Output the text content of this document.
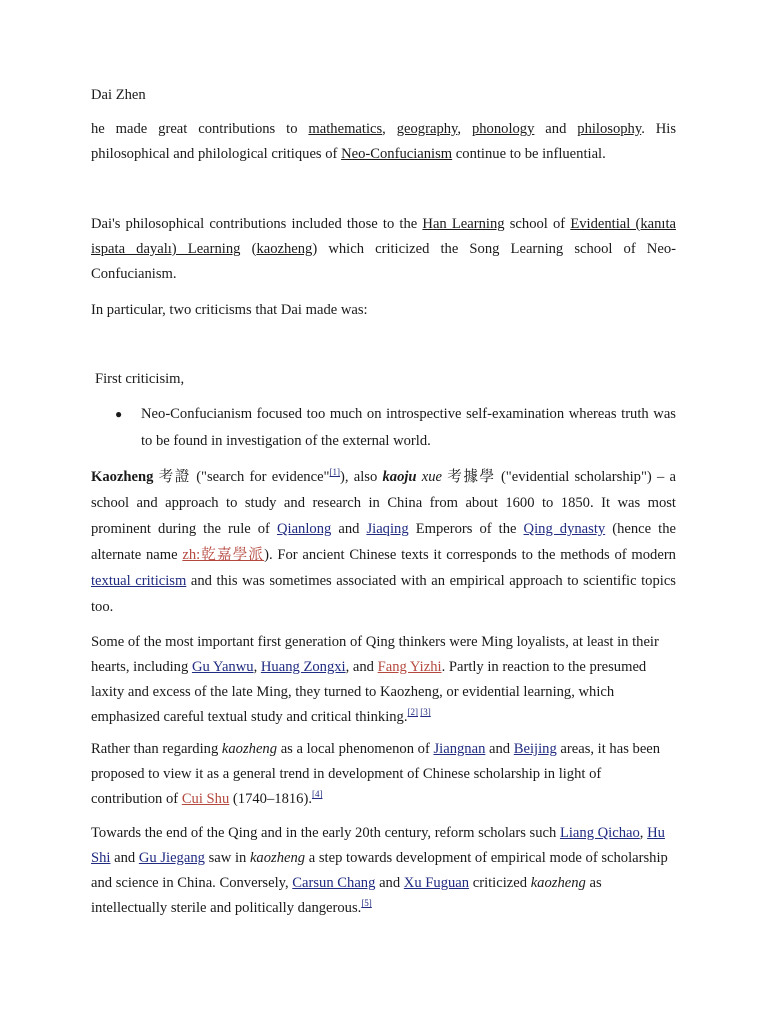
Dai Zhen

he made great contributions to mathematics, geography, phonology and philosophy. His philosophical and philological critiques of Neo-Confucianism continue to be influential.

Dai's philosophical contributions included those to the Han Learning school of Evidential (kanıta ispata dayalı) Learning (kaozheng) which criticized the Song Learning school of Neo-Confucianism.

In particular, two criticisms that Dai made was:

First criticisim,

● Neo-Confucianism focused too much on introspective self-examination whereas truth was to be found in investigation of the external world.

Kaozheng 考證 ("search for evidence"[1]), also kaoju xue 考據學 ("evidential scholarship") – a school and approach to study and research in China from about 1600 to 1850. It was most prominent during the rule of Qianlong and Jiaqing Emperors of the Qing dynasty (hence the alternate name zh:乾嘉學派). For ancient Chinese texts it corresponds to the methods of modern textual criticism and this was sometimes associated with an empirical approach to scientific topics too.

Some of the most important first generation of Qing thinkers were Ming loyalists, at least in their hearts, including Gu Yanwu, Huang Zongxi, and Fang Yizhi. Partly in reaction to the presumed laxity and excess of the late Ming, they turned to Kaozheng, or evidential learning, which emphasized careful textual study and critical thinking.[2] [3]

Rather than regarding kaozheng as a local phenomenon of Jiangnan and Beijing areas, it has been proposed to view it as a general trend in development of Chinese scholarship in light of contribution of Cui Shu (1740–1816).[4]

Towards the end of the Qing and in the early 20th century, reform scholars such Liang Qichao, Hu Shi and Gu Jiegang saw in kaozheng a step towards development of empirical mode of scholarship and science in China. Conversely, Carsun Chang and Xu Fuguan criticized kaozheng as intellectually sterile and politically dangerous.[5]
